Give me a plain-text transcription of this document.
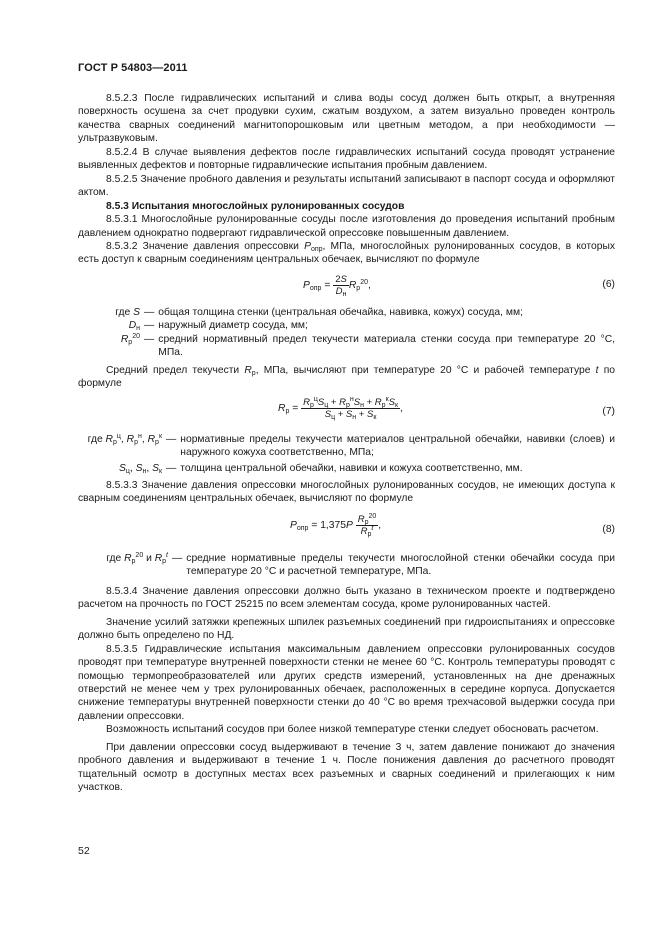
ГОСТ Р 54803—2011

8.5.2.3 После гидравлических испытаний и слива воды сосуд должен быть открыт, а внутренняя поверхность осушена за счет продувки сухим, сжатым воздухом, а затем визуально проведен контроль качества сварных соединений магнитопорошковым или цветным методом, а при необходимости — ультразвуковым.

8.5.2.4 В случае выявления дефектов после гидравлических испытаний сосуда проводят устранение выявленных дефектов и повторные гидравлические испытания пробным давлением.

8.5.2.5 Значение пробного давления и результаты испытаний записывают в паспорт сосуда и оформляют актом.

8.5.3 Испытания многослойных рулонированных сосудов

8.5.3.1 Многослойные рулонированные сосуды после изготовления до проведения испытаний пробным давлением однократно подвергают гидравлической опрессовке повышенным давлением.

8.5.3.2 Значение давления опрессовки $P_{опр}$, МПа, многослойных рулонированных сосудов, в которых есть доступ к сварным соединениям центральных обечаек, вычисляют по формуле

$P_{опр} = \frac{2S}{D_н} R_р^{20}$,	(6)
где S — общая толщина стенки (центральная обечайка, навивка, кожух) сосуда, мм;
$D_н$ — наружный диаметр сосуда, мм;
$R_р^{20}$ — средний нормативный предел текучести материала стенки сосуда при температуре 20 °С, МПа.

Средний предел текучести $R_р$, МПа, вычисляют при температуре 20 °С и рабочей температуре t по формуле

$R_р = \frac{R_р^цS_ц + R_р^нS_н + R_р^кS_к}{S_ц + S_н + S_к}$ ,	(7)
где $R_р^ц$, $R_р^н$, $R_р^к$ — нормативные пределы текучести материалов центральной обечайки, навивки (слоев) и наружного кожуха соответственно, МПа;
$S_ц$, $S_н$, $S_к$ — толщина центральной обечайки, навивки и кожуха соответственно, мм.

8.5.3.3 Значение давления опрессовки многослойных рулонированных сосудов, не имеющих доступа к сварным соединениям центральных обечаек, вычисляют по формуле

$P_{опр} = 1,375P \frac{R_р^{20}}{R_р^t}$ ,	(8)
где $R_р^{20}$ и $R_р^t$ — средние нормативные пределы текучести многослойной стенки обечайки сосуда при температуре 20 °С и расчетной температуре, МПа.

8.5.3.4 Значение давления опрессовки должно быть указано в техническом проекте и подтверждено расчетом на прочность по ГОСТ 25215 по всем элементам сосуда, кроме рулонированных частей.

Значение усилий затяжки крепежных шпилек разъемных соединений при гидроиспытаниях и опрессовке должно быть определено по НД.

8.5.3.5 Гидравлические испытания максимальным давлением опрессовки рулонированных сосудов проводят при температуре внутренней поверхности стенки не менее 60 °С. Контроль температуры проводят с помощью термопреобразователей или других средств измерений, установленных на дне дренажных отверстий не менее чем у трех рулонированных обечаек, расположенных в середине корпуса. Допускается снижение температуры внутренней поверхности стенки до 40 °С во время трехчасовой выдержки сосуда при давлении опрессовки.

Возможность испытаний сосудов при более низкой температуре стенки следует обосновать расчетом.

При давлении опрессовки сосуд выдерживают в течение 3 ч, затем давление понижают до значения пробного давления и выдерживают в течение 1 ч. После понижения давления до расчетного проводят тщательный осмотр в доступных местах всех разъемных и сварных соединений и прилегающих к ним участков.

52
